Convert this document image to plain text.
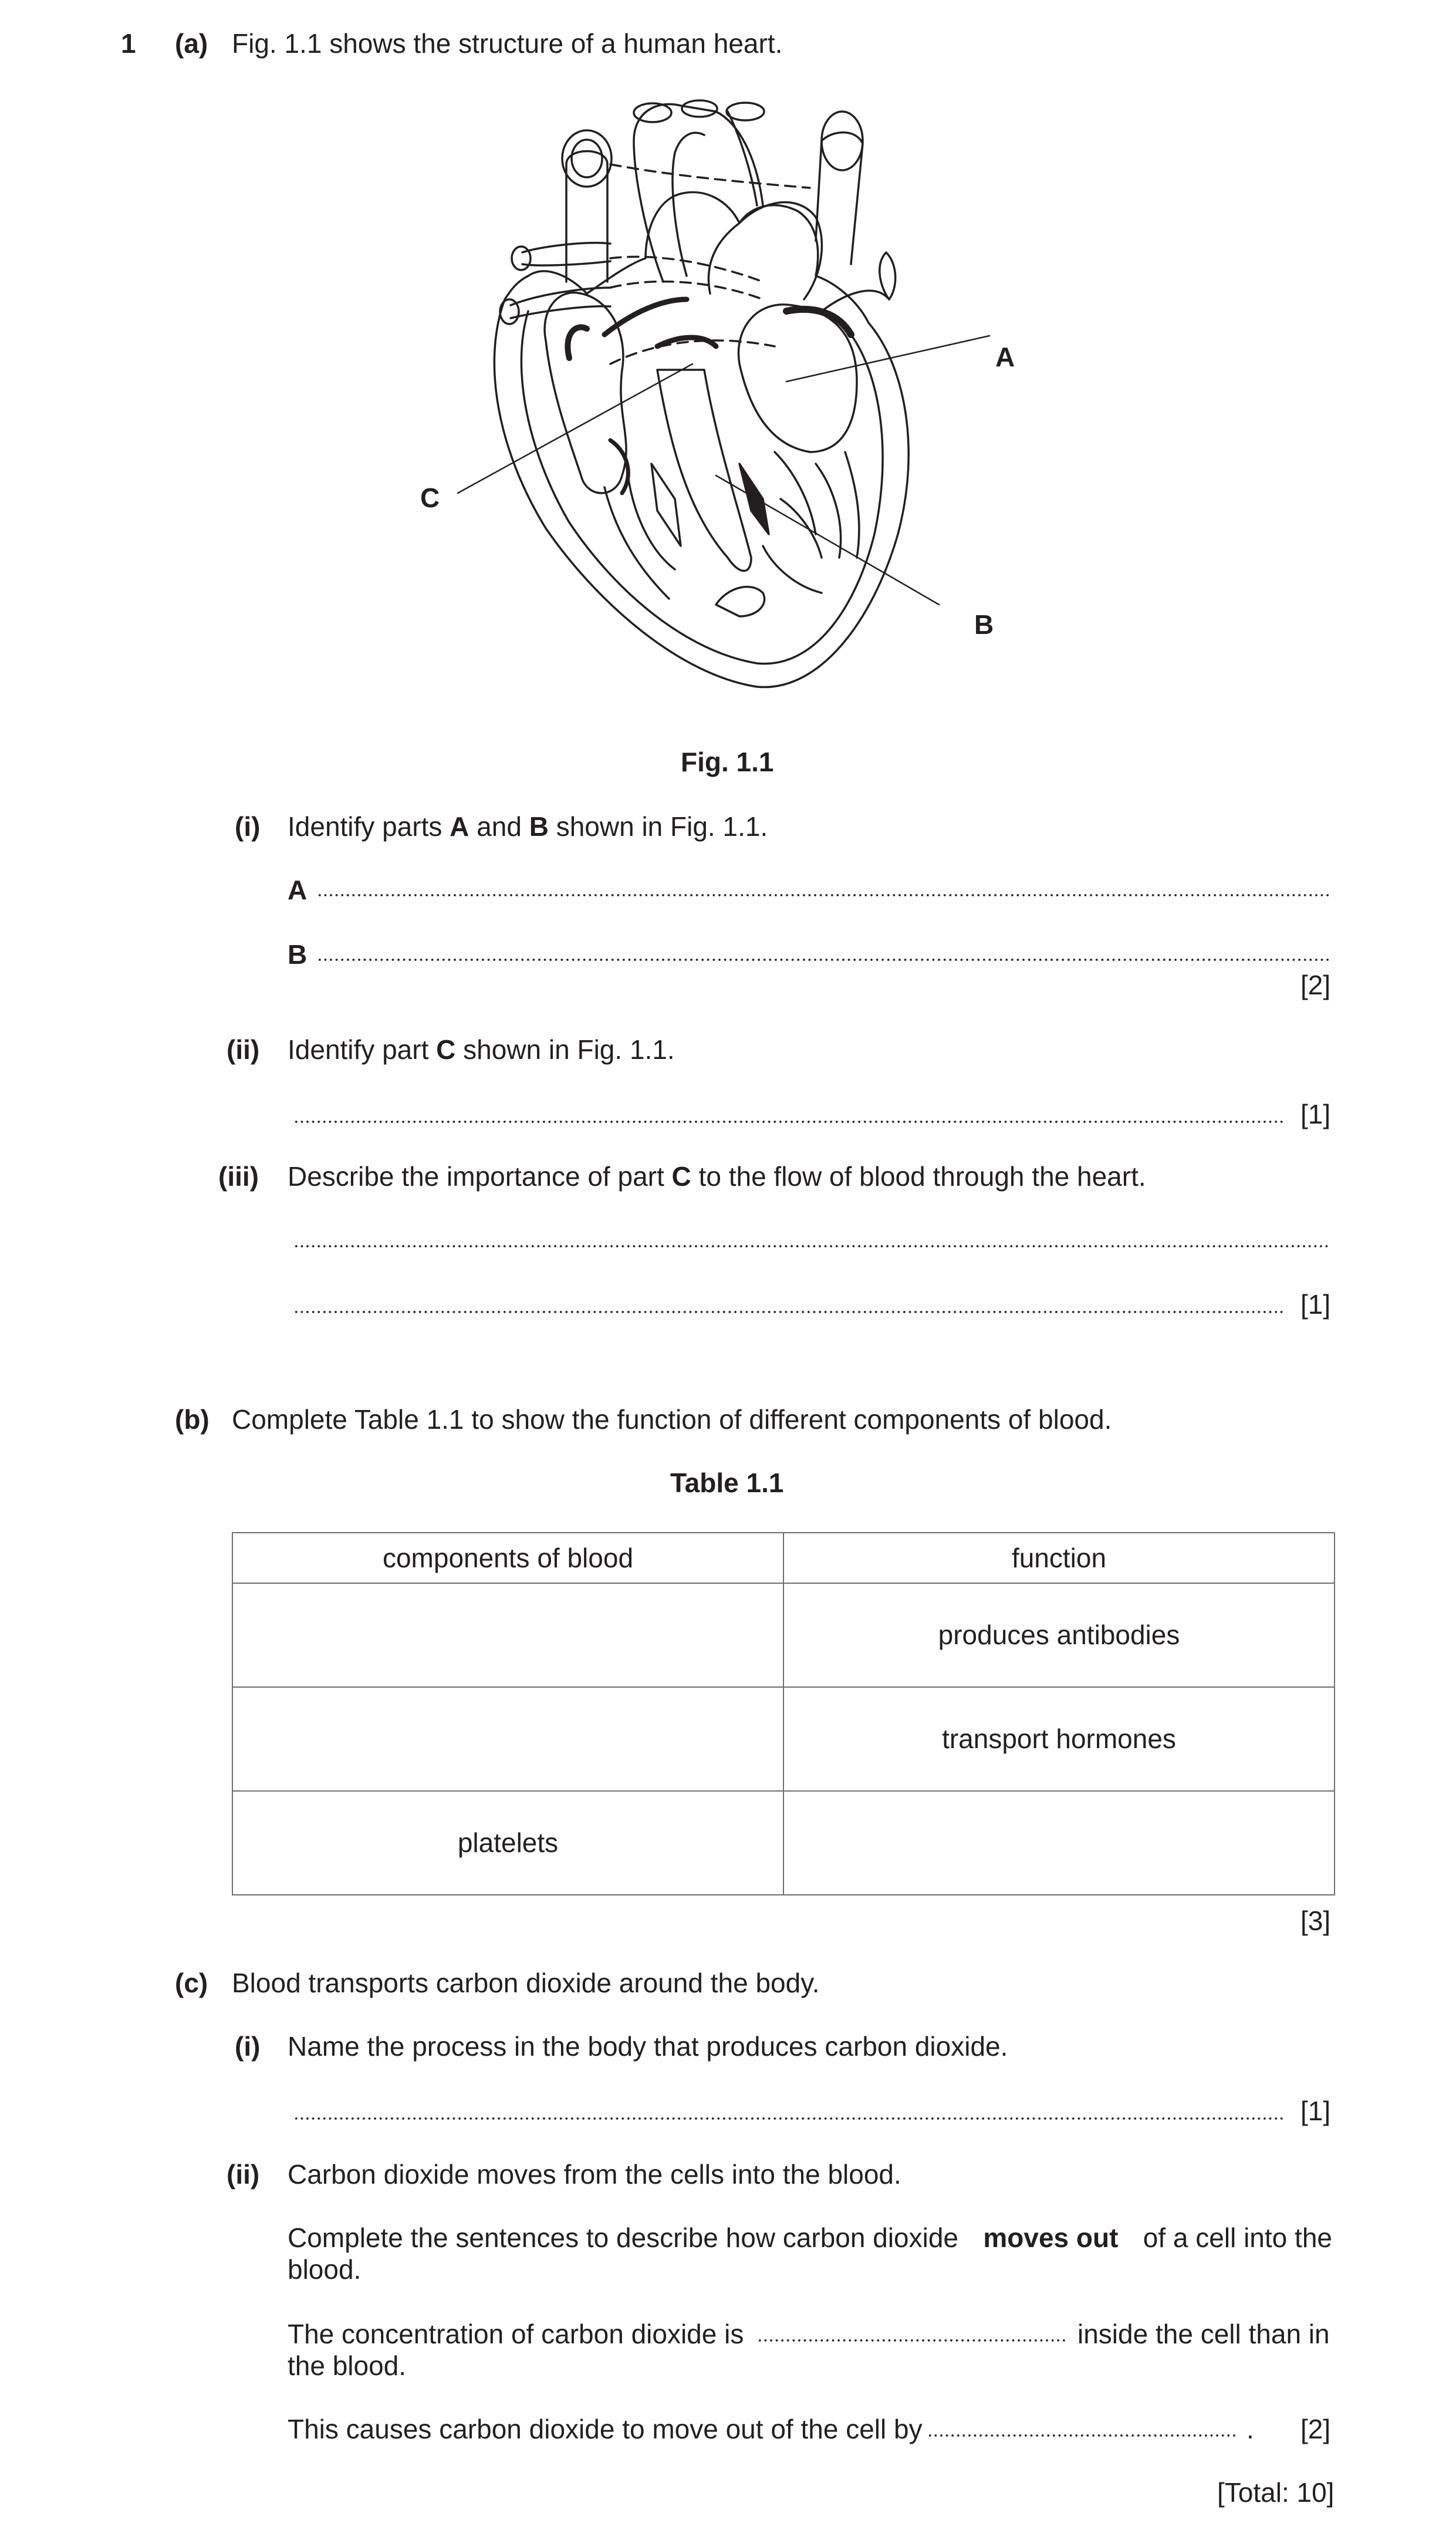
1 (a) Fig. 1.1 shows the structure of a human heart.
A
B
C
Fig. 1.1
(i) Identify parts A and B shown in Fig. 1.1.
A
B
[2]
(ii) Identify part C shown in Fig. 1.1.
[1]
(iii) Describe the importance of part C to the flow of blood through the heart.
[1]
(b) Complete Table 1.1 to show the function of different components of blood.
Table 1.1
components of blood	function
	produces antibodies
	transport hormones
platelets	
[3]
(c) Blood transports carbon dioxide around the body.
(i) Name the process in the body that produces carbon dioxide.
[1]
(ii) Carbon dioxide moves from the cells into the blood.
Complete the sentences to describe how carbon dioxide moves out of a cell into the
blood.
The concentration of carbon dioxide is	inside the cell than in
the blood.
This causes carbon dioxide to move out of the cell by	. [2]
[Total: 10]
